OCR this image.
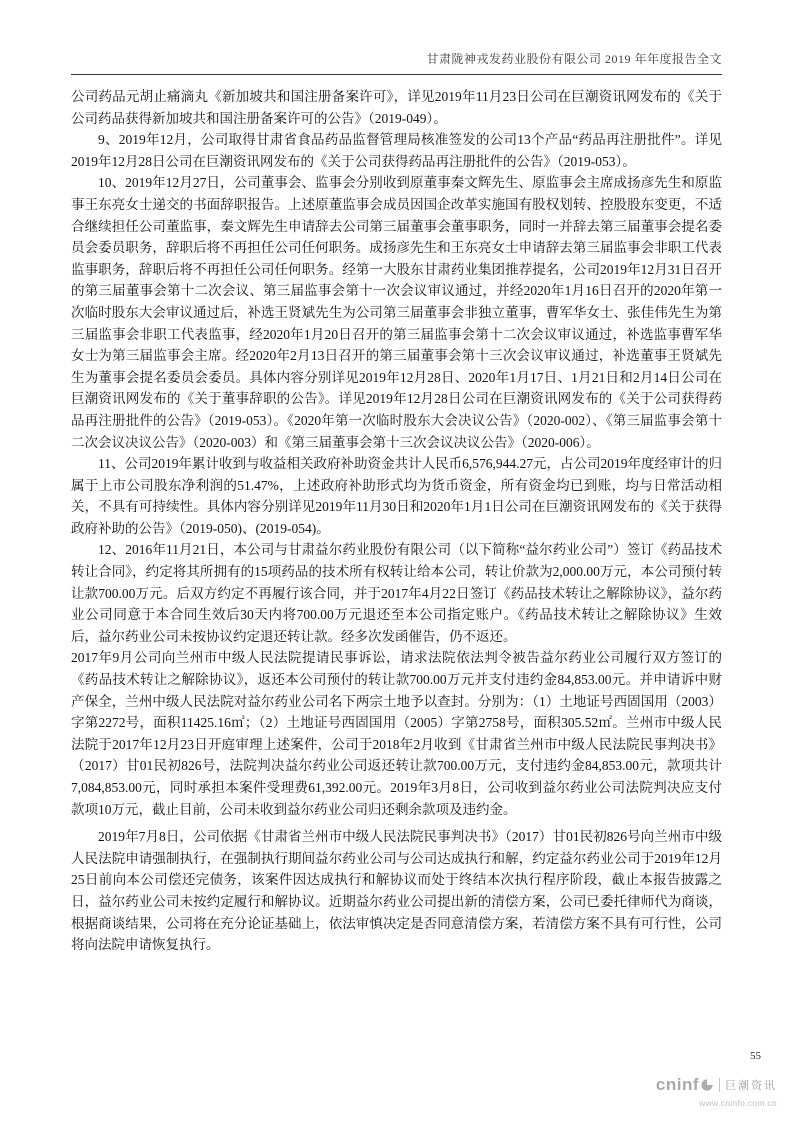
甘肃陇神戎发药业股份有限公司 2019 年年度报告全文

公司药品元胡止痛滴丸《新加坡共和国注册备案许可》，详见2019年11月23日公司在巨潮资讯网发布的《关于公司药品获得新加坡共和国注册备案许可的公告》（2019-049）。

9、2019年12月，公司取得甘肃省食品药品监督管理局核准签发的公司13个产品“药品再注册批件”。详见2019年12月28日公司在巨潮资讯网发布的《关于公司获得药品再注册批件的公告》（2019-053）。

10、2019年12月27日，公司董事会、监事会分别收到原董事秦文辉先生、原监事会主席成扬彦先生和原监事王东亮女士递交的书面辞职报告。上述原董监事会成员因国企改革实施国有股权划转、控股股东变更，不适合继续担任公司董监事，秦文辉先生申请辞去公司第三届董事会董事职务，同时一并辞去第三届董事会提名委员会委员职务，辞职后将不再担任公司任何职务。成扬彦先生和王东亮女士申请辞去第三届监事会非职工代表监事职务，辞职后将不再担任公司任何职务。经第一大股东甘肃药业集团推荐提名，公司2019年12月31日召开的第三届董事会第十二次会议、第三届监事会第十一次会议审议通过，并经2020年1月16日召开的2020年第一次临时股东大会审议通过后，补选王贤斌先生为公司第三届董事会非独立董事，曹军华女士、张佳伟先生为第三届监事会非职工代表监事，经2020年1月20日召开的第三届监事会第十二次会议审议通过，补选监事曹军华女士为第三届监事会主席。经2020年2月13日召开的第三届董事会第十三次会议审议通过，补选董事王贤斌先生为董事会提名委员会委员。具体内容分别详见2019年12月28日、2020年1月17日、1月21日和2月14日公司在巨潮资讯网发布的《关于董事辞职的公告》。详见2019年12月28日公司在巨潮资讯网发布的《关于公司获得药品再注册批件的公告》（2019-053）。《2020年第一次临时股东大会决议公告》（2020-002）、《第三届监事会第十二次会议决议公告》（2020-003）和《第三届董事会第十三次会议决议公告》（2020-006）。

11、公司2019年累计收到与收益相关政府补助资金共计人民币6,576,944.27元，占公司2019年度经审计的归属于上市公司股东净利润的51.47%，上述政府补助形式均为货币资金，所有资金均已到账，均与日常活动相关，不具有可持续性。具体内容分别详见2019年11月30日和2020年1月1日公司在巨潮资讯网发布的《关于获得政府补助的公告》（2019-050)、(2019-054)。

12、2016年11月21日，本公司与甘肃益尔药业股份有限公司（以下简称“益尔药业公司”）签订《药品技术转让合同》，约定将其所拥有的15项药品的技术所有权转让给本公司，转让价款为2,000.00万元，本公司预付转让款700.00万元。后双方约定不再履行该合同，并于2017年4月22日签订《药品技术转让之解除协议》，益尔药业公司同意于本合同生效后30天内将700.00万元退还至本公司指定账户。《药品技术转让之解除协议》生效后，益尔药业公司未按协议约定退还转让款。经多次发函催告，仍不返还。

2017年9月公司向兰州市中级人民法院提请民事诉讼，请求法院依法判令被告益尔药业公司履行双方签订的《药品技术转让之解除协议》，返还本公司预付的转让款700.00万元并支付违约金84,853.00元。并申请诉中财产保全，兰州中级人民法院对益尔药业公司名下两宗土地予以查封。分别为：（1）土地证号西固国用（2003）字第2272号，面积11425.16㎡；（2）土地证号西固国用（2005）字第2758号，面积305.52㎡。兰州市中级人民法院于2017年12月23日开庭审理上述案件，公司于2018年2月收到《甘肃省兰州市中级人民法院民事判决书》（2017）甘01民初826号，法院判决益尔药业公司返还转让款700.00万元，支付违约金84,853.00元，款项共计7,084,853.00元，同时承担本案件受理费61,392.00元。2019年3月8日，公司收到益尔药业公司法院判决应支付款项10万元，截止目前，公司未收到益尔药业公司归还剩余款项及违约金。

2019年7月8日，公司依据《甘肃省兰州市中级人民法院民事判决书》（2017）甘01民初826号向兰州市中级人民法院申请强制执行，在强制执行期间益尔药业公司与公司达成执行和解，约定益尔药业公司于2019年12月25日前向本公司偿还完债务，该案件因达成执行和解协议而处于终结本次执行程序阶段，截止本报告披露之日，益尔药业公司未按约定履行和解协议。近期益尔药业公司提出新的清偿方案，公司已委托律师代为商谈，根据商谈结果，公司将在充分论证基础上，依法审慎决定是否同意清偿方案，若清偿方案不具有可行性，公司将向法院申请恢复执行。

55
cninf 巨潮资讯
www.cninfo.com.cn
